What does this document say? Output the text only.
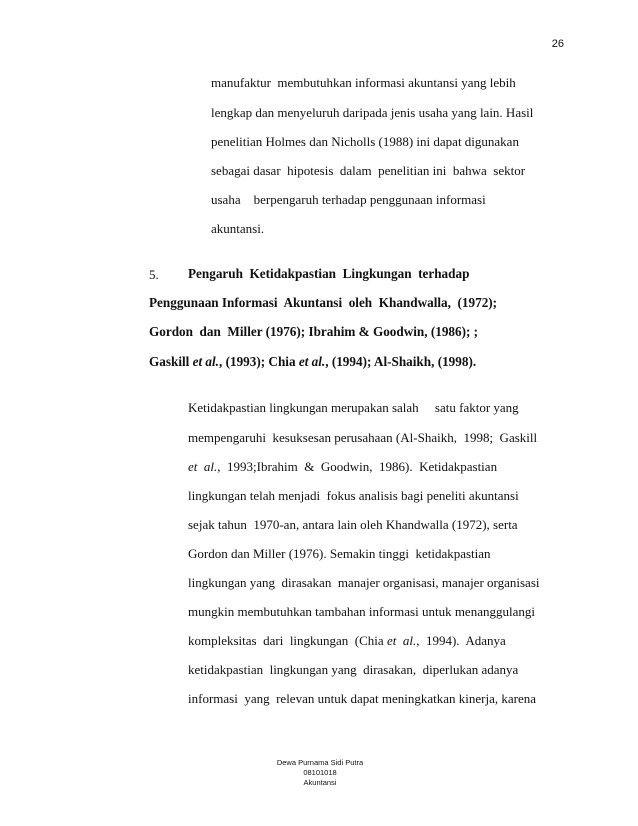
26
manufaktur  membutuhkan informasi akuntansi yang lebih
lengkap dan menyeluruh daripada jenis usaha yang lain. Hasil
penelitian Holmes dan Nicholls (1988) ini dapat digunakan
sebagai dasar  hipotesis  dalam  penelitian ini  bahwa  sektor
usaha    berpengaruh terhadap penggunaan informasi
akuntansi.
5. Pengaruh  Ketidakpastian  Lingkungan  terhadap
Penggunaan Informasi  Akuntansi  oleh  Khandwalla,  (1972);
Gordon  dan  Miller (1976); Ibrahim & Goodwin, (1986); ;
Gaskill et al., (1993); Chia et al., (1994); Al-Shaikh, (1998).
Ketidakpastian lingkungan merupakan salah     satu faktor yang
mempengaruhi  kesuksesan perusahaan (Al-Shaikh,  1998;  Gaskill
et  al.,  1993;Ibrahim  &  Goodwin,  1986).  Ketidakpastian
lingkungan telah menjadi  fokus analisis bagi peneliti akuntansi
sejak tahun  1970-an, antara lain oleh Khandwalla (1972), serta
Gordon dan Miller (1976). Semakin tinggi  ketidakpastian
lingkungan yang  dirasakan  manajer organisasi, manajer organisasi
mungkin membutuhkan tambahan informasi untuk menanggulangi
kompleksitas  dari  lingkungan  (Chia et  al.,  1994).  Adanya
ketidakpastian  lingkungan yang  dirasakan,  diperlukan adanya
informasi  yang  relevan untuk dapat meningkatkan kinerja, karena
Dewa Purnama Sidi Putra
08101018
Akuntansi
